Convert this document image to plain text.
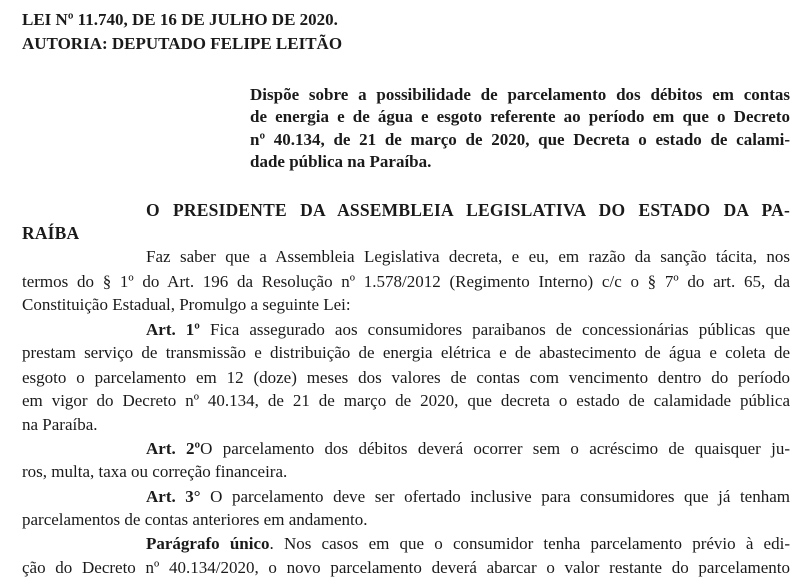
LEI Nº 11.740, DE 16 DE JULHO DE 2020.
AUTORIA: DEPUTADO FELIPE LEITÃO
Dispõe sobre a possibilidade de parcelamento dos débitos em contas
de energia e de água e esgoto referente ao período em que o Decreto
nº 40.134, de 21 de março de 2020, que Decreta o estado de calami-
dade pública na Paraíba.
O PRESIDENTE DA ASSEMBLEIA LEGISLATIVA DO ESTADO DA PA-
RAÍBA
Faz saber que a Assembleia Legislativa decreta, e eu, em razão da sanção tácita, nos
termos do § 1º do Art. 196 da Resolução nº 1.578/2012 (Regimento Interno) c/c o § 7º do art. 65, da
Constituição Estadual, Promulgo a seguinte Lei:
Art. 1º Fica assegurado aos consumidores paraibanos de concessionárias públicas que
prestam serviço de transmissão e distribuição de energia elétrica e de abastecimento de água e coleta de
esgoto o parcelamento em 12 (doze) meses dos valores de contas com vencimento dentro do período
em vigor do Decreto nº 40.134, de 21 de março de 2020, que decreta o estado de calamidade pública
na Paraíba.
Art. 2ºO parcelamento dos débitos deverá ocorrer sem o acréscimo de quaisquer ju-
ros, multa, taxa ou correção financeira.
Art. 3° O parcelamento deve ser ofertado inclusive para consumidores que já tenham
parcelamentos de contas anteriores em andamento.
Parágrafo único. Nos casos em que o consumidor tenha parcelamento prévio à edi-
ção do Decreto nº 40.134/2020, o novo parcelamento deverá abarcar o valor restante do parcelamento
